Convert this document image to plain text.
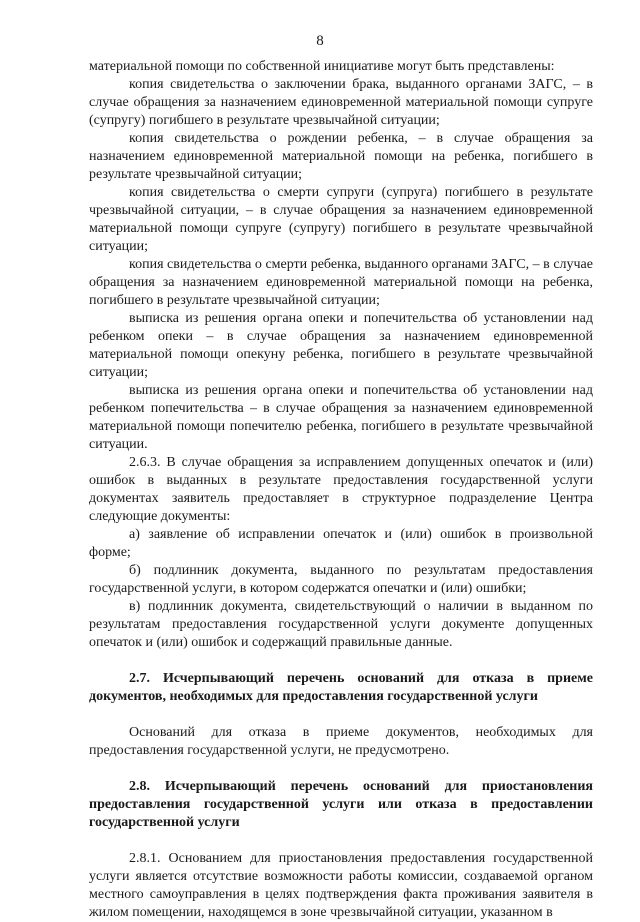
8

материальной помощи по собственной инициативе могут быть представлены:

копия свидетельства о заключении брака, выданного органами ЗАГС, – в случае обращения за назначением единовременной материальной помощи супруге (супругу) погибшего в результате чрезвычайной ситуации;

копия свидетельства о рождении ребенка, – в случае обращения за назначением единовременной материальной помощи на ребенка, погибшего в результате чрезвычайной ситуации;

копия свидетельства о смерти супруги (супруга) погибшего в результате чрезвычайной ситуации, – в случае обращения за назначением единовременной материальной помощи супруге (супругу) погибшего в результате чрезвычайной ситуации;

копия свидетельства о смерти ребенка, выданного органами ЗАГС, – в случае обращения за назначением единовременной материальной помощи на ребенка, погибшего в результате чрезвычайной ситуации;

выписка из решения органа опеки и попечительства об установлении над ребенком опеки – в случае обращения за назначением единовременной материальной помощи опекуну ребенка, погибшего в результате чрезвычайной ситуации;

выписка из решения органа опеки и попечительства об установлении над ребенком попечительства – в случае обращения за назначением единовременной материальной помощи попечителю ребенка, погибшего в результате чрезвычайной ситуации.

2.6.3. В случае обращения за исправлением допущенных опечаток и (или) ошибок в выданных в результате предоставления государственной услуги документах заявитель предоставляет в структурное подразделение Центра следующие документы:

а) заявление об исправлении опечаток и (или) ошибок в произвольной форме;

б) подлинник документа, выданного по результатам предоставления государственной услуги, в котором содержатся опечатки и (или) ошибки;

в) подлинник документа, свидетельствующий о наличии в выданном по результатам предоставления государственной услуги документе допущенных опечаток и (или) ошибок и содержащий правильные данные.

2.7. Исчерпывающий перечень оснований для отказа в приеме документов, необходимых для предоставления государственной услуги

Оснований для отказа в приеме документов, необходимых для предоставления государственной услуги, не предусмотрено.

2.8. Исчерпывающий перечень оснований для приостановления предоставления государственной услуги или отказа в предоставлении государственной услуги

2.8.1. Основанием для приостановления предоставления государственной услуги является отсутствие возможности работы комиссии, создаваемой органом местного самоуправления в целях подтверждения факта проживания заявителя в жилом помещении, находящемся в зоне чрезвычайной ситуации, указанном в
